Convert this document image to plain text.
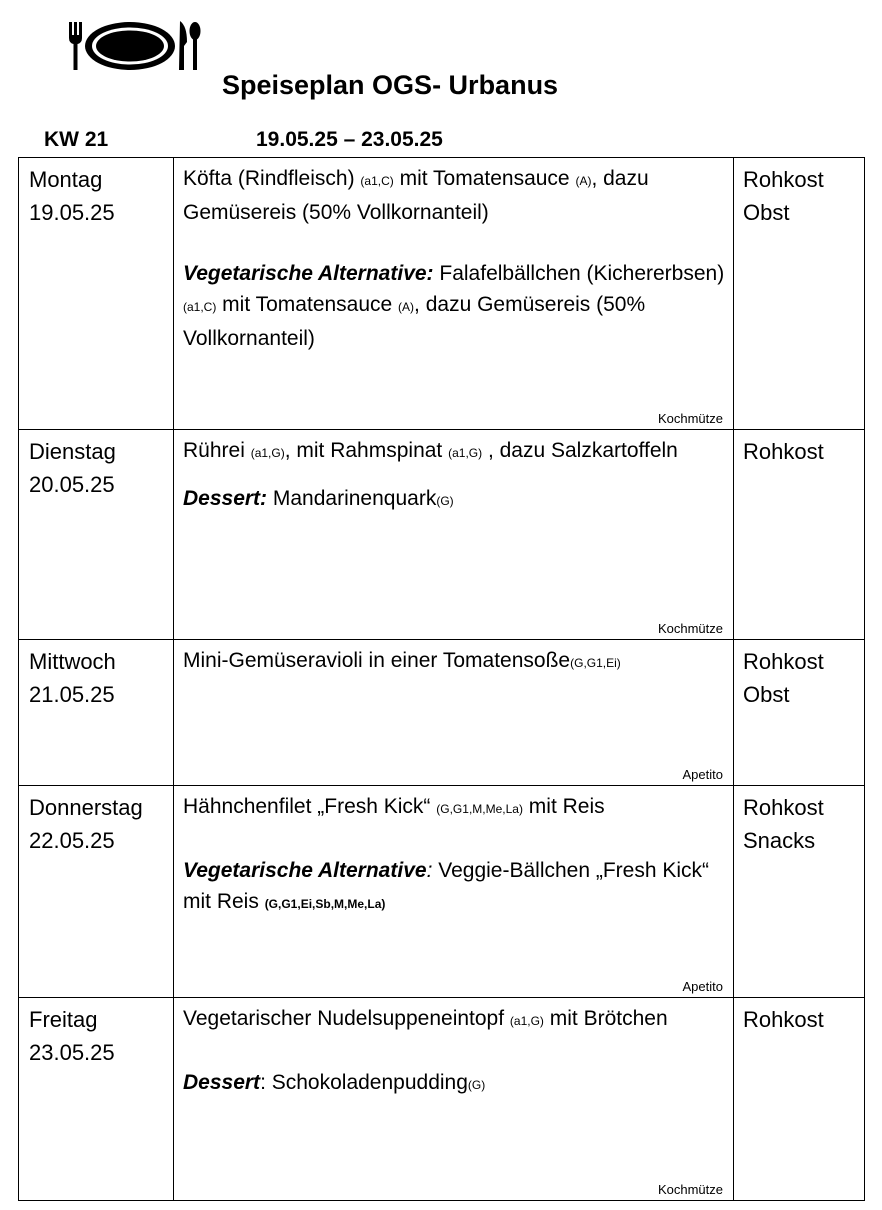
Speiseplan OGS- Urbanus
KW 21	19.05.25 – 23.05.25
Montag
19.05.25

Köfta (Rindfleisch) (a1,C) mit Tomatensauce (A), dazu Gemüsereis (50% Vollkornanteil)

Vegetarische Alternative: Falafelbällchen (Kichererbsen) (a1,C) mit Tomatensauce (A), dazu Gemüsereis (50% Vollkornanteil)

Kochmütze
Rohkost
Obst
Dienstag
20.05.25

Rührei (a1,G), mit Rahmspinat (a1,G) , dazu Salzkartoffeln

Dessert: Mandarinenquark(G)

Kochmütze
Rohkost
Mittwoch
21.05.25

Mini-Gemüseravioli in einer Tomatensoße(G,G1,Ei)

Apetito
Rohkost
Obst
Donnerstag
22.05.25

Hähnchenfilet „Fresh Kick“ (G,G1,M,Me,La) mit Reis

Vegetarische Alternative: Veggie-Bällchen „Fresh Kick“ mit Reis (G,G1,Ei,Sb,M,Me,La)

Apetito
Rohkost
Snacks
Freitag
23.05.25

Vegetarischer Nudelsuppeneintopf (a1,G) mit Brötchen

Dessert: Schokoladenpudding(G)

Kochmütze
Rohkost
